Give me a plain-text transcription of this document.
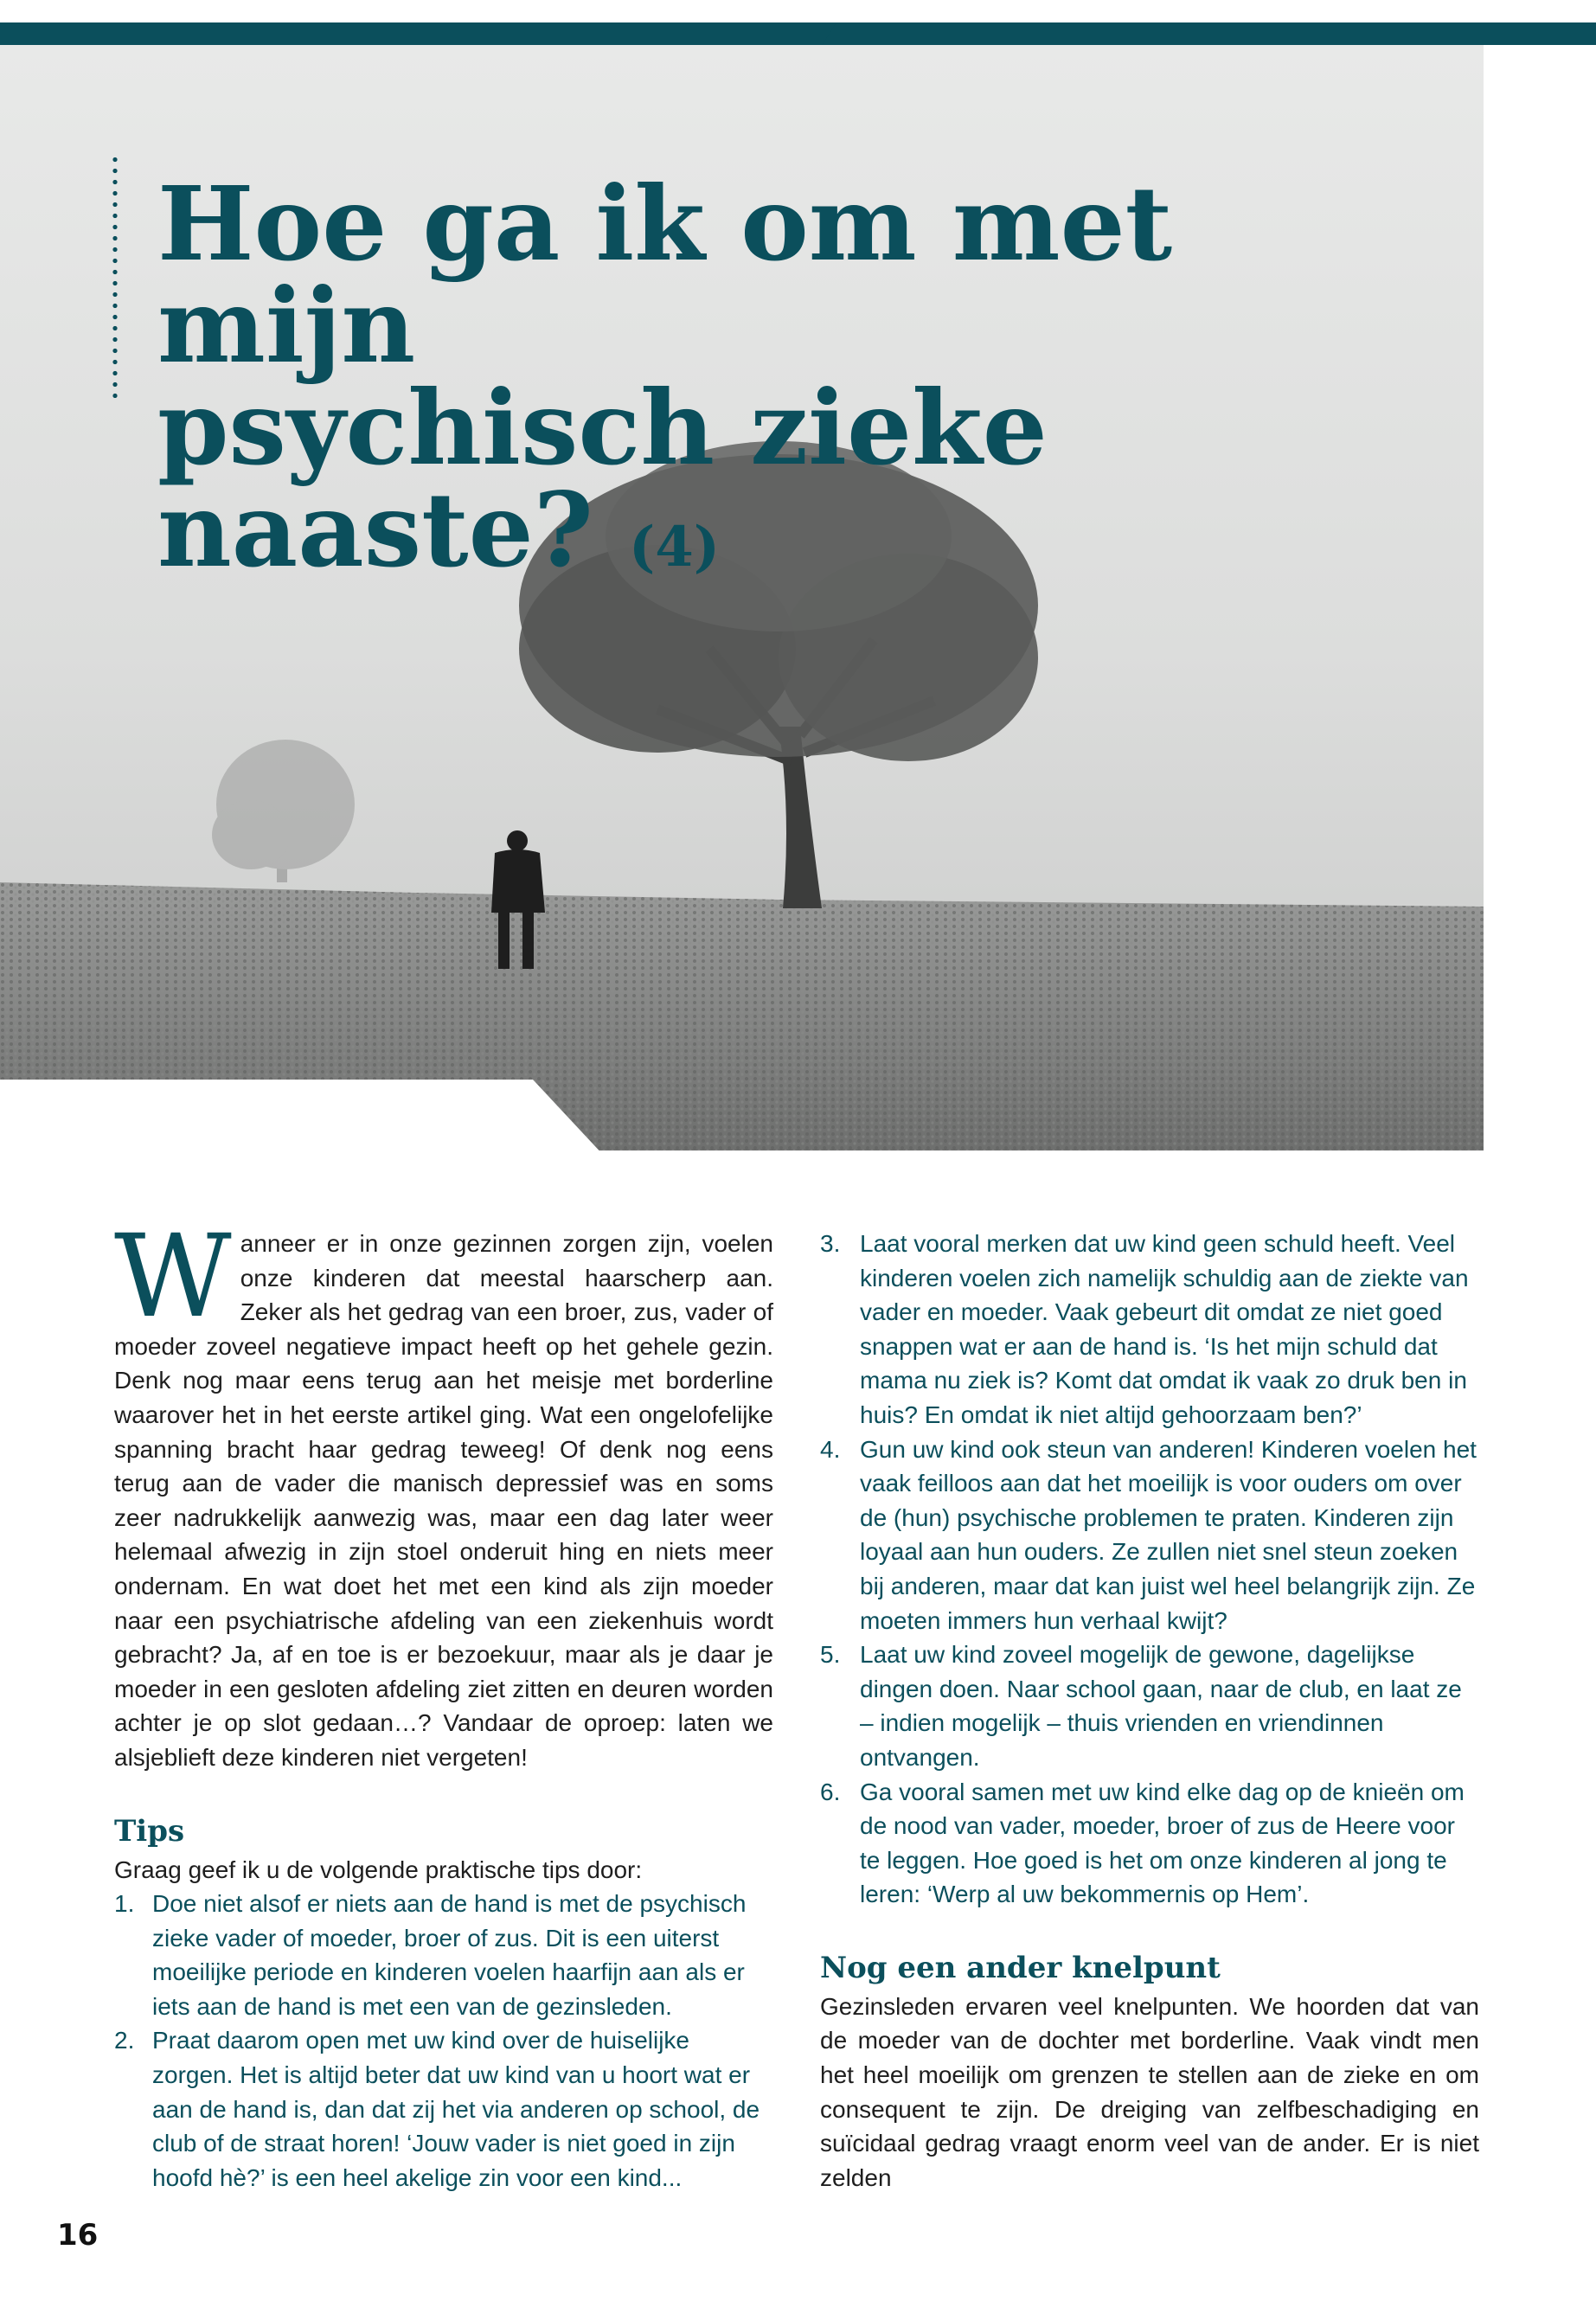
Hoe ga ik om met mijn
psychisch zieke naaste? (4)

Wanneer er in onze gezinnen zorgen zijn, voelen onze kinderen dat meestal haarscherp aan. Zeker als het gedrag van een broer, zus, vader of moeder zoveel negatieve impact heeft op het gehele gezin. Denk nog maar eens terug aan het meisje met borderline waarover het in het eerste artikel ging. Wat een ongelofelijke spanning bracht haar gedrag teweeg! Of denk nog eens terug aan de vader die manisch depressief was en soms zeer nadrukkelijk aanwezig was, maar een dag later weer helemaal afwezig in zijn stoel onderuit hing en niets meer ondernam. En wat doet het met een kind als zijn moeder naar een psychiatrische afdeling van een ziekenhuis wordt gebracht? Ja, af en toe is er bezoekuur, maar als je daar je moeder in een gesloten afdeling ziet zitten en deuren worden achter je op slot gedaan…? Vandaar de oproep: laten we alsjeblieft deze kinderen niet vergeten!

Tips

Graag geef ik u de volgende praktische tips door:

1. Doe niet alsof er niets aan de hand is met de psychisch zieke vader of moeder, broer of zus. Dit is een uiterst moeilijke periode en kinderen voelen haarfijn aan als er iets aan de hand is met een van de gezinsleden.
2. Praat daarom open met uw kind over de huiselijke zorgen. Het is altijd beter dat uw kind van u hoort wat er aan de hand is, dan dat zij het via anderen op school, de club of de straat horen! ‘Jouw vader is niet goed in zijn hoofd hè?’ is een heel akelige zin voor een kind...
3. Laat vooral merken dat uw kind geen schuld heeft. Veel kinderen voelen zich namelijk schuldig aan de ziekte van vader en moeder. Vaak gebeurt dit omdat ze niet goed snappen wat er aan de hand is. ‘Is het mijn schuld dat mama nu ziek is? Komt dat omdat ik vaak zo druk ben in huis? En omdat ik niet altijd gehoorzaam ben?’
4. Gun uw kind ook steun van anderen! Kinderen voelen het vaak feilloos aan dat het moeilijk is voor ouders om over de (hun) psychische problemen te praten. Kinderen zijn loyaal aan hun ouders. Ze zullen niet snel steun zoeken bij anderen, maar dat kan juist wel heel belangrijk zijn. Ze moeten immers hun verhaal kwijt?
5. Laat uw kind zoveel mogelijk de gewone, dagelijkse dingen doen. Naar school gaan, naar de club, en laat ze – indien mogelijk – thuis vrienden en vriendinnen ontvangen.
6. Ga vooral samen met uw kind elke dag op de knieën om de nood van vader, moeder, broer of zus de Heere voor te leggen. Hoe goed is het om onze kinderen al jong te leren: ‘Werp al uw bekommernis op Hem’.
Nog een ander knelpunt

Gezinsleden ervaren veel knelpunten. We hoorden dat van de moeder van de dochter met borderline. Vaak vindt men het heel moeilijk om grenzen te stellen aan de zieke en om consequent te zijn. De dreiging van zelfbeschadiging en suïcidaal gedrag vraagt enorm veel van de ander. Er is niet zelden

16
